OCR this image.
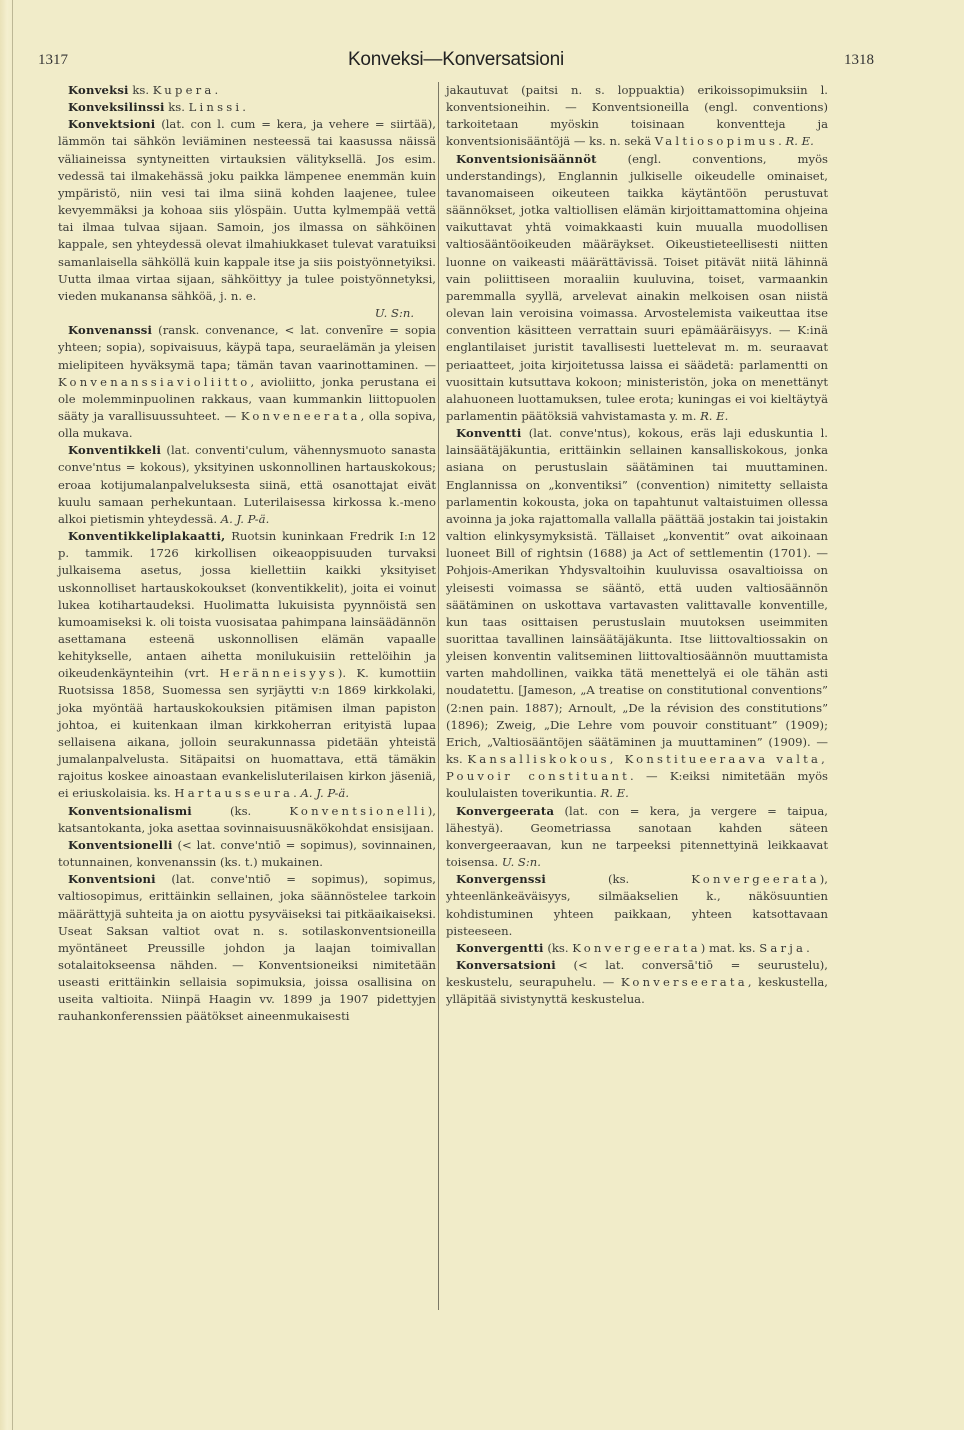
1317	Konveksi—Konversatsioni	1318

Konveksi ks. Kupera.

Konveksilinssi ks. Linssi.

Konvektsioni (lat. con l. cum = kera, ja vehere = siirtää), lämmön tai sähkön leviäminen nesteessä tai kaasussa näissä väliaineissa syntyneitten virtauksien välityksellä. Jos esim. vedessä tai ilmakehässä joku paikka lämpenee enemmän kuin ympäristö, niin vesi tai ilma siinä kohden laajenee, tulee kevyemmäksi ja kohoaa siis ylöspäin. Uutta kylmempää vettä tai ilmaa tulvaa sijaan. Samoin, jos ilmassa on sähköinen kappale, sen yhteydessä olevat ilmahiukkaset tulevat varatuiksi samanlaisella sähköllä kuin kappale itse ja siis poistyönnetyiksi. Uutta ilmaa virtaa sijaan, sähköittyy ja tulee poistyönnetyksi, vieden mukanansa sähköä, j. n. e.

U. S:n.

Konvenanssi (ransk. convenance, < lat. convenīre = sopia yhteen; sopia), sopivaisuus, käypä tapa, seuraelämän ja yleisen mielipiteen hyväksymä tapa; tämän tavan vaarinottaminen. — Konvenanssiavioliitto, avioliitto, jonka perustana ei ole molemminpuolinen rakkaus, vaan kummankin liittopuolen sääty ja varallisuussuhteet. — Konveneerata, olla sopiva, olla mukava.

Konventikkeli (lat. conventi'culum, vähennysmuoto sanasta conve'ntus = kokous), yksityinen uskonnollinen hartauskokous; eroaa kotijumalanpalveluksesta siinä, että osanottajat eivät kuulu samaan perhekuntaan. Luterilaisessa kirkossa k.-meno alkoi pietismin yhteydessä. A. J. P-ä.

Konventikkeliplakaatti, Ruotsin kuninkaan Fredrik I:n 12 p. tammik. 1726 kirkollisen oikeaoppisuuden turvaksi julkaisema asetus, jossa kiellettiin kaikki yksityiset uskonnolliset hartauskokoukset (konventikkelit), joita ei voinut lukea kotihartaudeksi. Huolimatta lukuisista pyynnöistä sen kumoamiseksi k. oli toista vuosisataa pahimpana lainsäädännön asettamana esteenä uskonnollisen elämän vapaalle kehitykselle, antaen aihetta monilukuisiin rettelöihin ja oikeudenkäynteihin (vrt. Heränneisyys). K. kumottiin Ruotsissa 1858, Suomessa sen syrjäytti v:n 1869 kirkkolaki, joka myöntää hartauskokouksien pitämisen ilman papiston johtoa, ei kuitenkaan ilman kirkkoherran erityistä lupaa sellaisena aikana, jolloin seurakunnassa pidetään yhteistä jumalanpalvelusta. Sitäpaitsi on huomattava, että tämäkin rajoitus koskee ainoastaan evankelisluterilaisen kirkon jäseniä, ei eriuskolaisia. ks. Hartausseura. A. J. P-ä.

Konventsionalismi (ks. Konventsionelli), katsantokanta, joka asettaa sovinnaisuusnäkökohdat ensisijaan.

Konventsionelli (< lat. conve'ntiō = sopimus), sovinnainen, totunnainen, konvenanssin (ks. t.) mukainen.

Konventsioni (lat. conve'ntiō = sopimus), sopimus, valtiosopimus, erittäinkin sellainen, joka säännöstelee tarkoin määrättyjä suhteita ja on aiottu pysyväiseksi tai pitkäaikaiseksi. Useat Saksan valtiot ovat n. s. sotilaskonventsioneilla myöntäneet Preussille johdon ja laajan toimivallan sotalaitokseensa nähden. — Konventsioneiksi nimitetään useasti erittäinkin sellaisia sopimuksia, joissa osallisina on useita valtioita. Niinpä Haagin vv. 1899 ja 1907 pidettyjen rauhankonferenssien päätökset aineenmukaisesti

jakautuvat (paitsi n. s. loppuaktia) erikoissopimuksiin l. konventsioneihin. — Konventsioneilla (engl. conventions) tarkoitetaan myöskin toisinaan konventteja ja konventsionisääntöjä — ks. n. sekä Valtiosopimus. R. E.

Konventsionisäännöt (engl. conventions, myös understandings), Englannin julkiselle oikeudelle ominaiset, tavanomaiseen oikeuteen taikka käytäntöön perustuvat säännökset, jotka valtiollisen elämän kirjoittamattomina ohjeina vaikuttavat yhtä voimakkaasti kuin muualla muodollisen valtiosääntöoikeuden määräykset. Oikeustieteellisesti niitten luonne on vaikeasti määrättävissä. Toiset pitävät niitä lähinnä vain poliittiseen moraaliin kuuluvina, toiset, varmaankin paremmalla syyllä, arvelevat ainakin melkoisen osan niistä olevan lain veroisina voimassa. Arvostelemista vaikeuttaa itse convention käsitteen verrattain suuri epämääräisyys. — K:inä englantilaiset juristit tavallisesti luettelevat m. m. seuraavat periaatteet, joita kirjoitetussa laissa ei säädetä: parlamentti on vuosittain kutsuttava kokoon; ministeristön, joka on menettänyt alahuoneen luottamuksen, tulee erota; kuningas ei voi kieltäytyä parlamentin päätöksiä vahvistamasta y. m. R. E.

Konventti (lat. conve'ntus), kokous, eräs laji eduskuntia l. lainsäätäjäkuntia, erittäinkin sellainen kansalliskokous, jonka asiana on perustuslain säätäminen tai muuttaminen. Englannissa on „konventiksi” (convention) nimitetty sellaista parlamentin kokousta, joka on tapahtunut valtaistuimen ollessa avoinna ja joka rajattomalla vallalla päättää jostakin tai joistakin valtion elinkysymyksistä. Tällaiset „konventit” ovat aikoinaan luoneet Bill of rightsin (1688) ja Act of settlementin (1701). — Pohjois-Amerikan Yhdysvaltoihin kuuluvissa osavaltioissa on yleisesti voimassa se sääntö, että uuden valtiosäännön säätäminen on uskottava vartavasten valittavalle konventille, kun taas osittaisen perustuslain muutoksen useimmiten suorittaa tavallinen lainsäätäjäkunta. Itse liittovaltiossakin on yleisen konventin valitseminen liittovaltiosäännön muuttamista varten mahdollinen, vaikka tätä menettelyä ei ole tähän asti noudatettu. [Jameson, „A treatise on constitutional conventions” (2:nen pain. 1887); Arnoult, „De la révision des constitutions” (1896); Zweig, „Die Lehre vom pouvoir constituant” (1909); Erich, „Valtiosääntöjen säätäminen ja muuttaminen” (1909). — ks. Kansalliskokous, Konstitueeraava valta, Pouvoir constituant. — K:eiksi nimitetään myös koululaisten toverikuntia. R. E.

Konvergeerata (lat. con = kera, ja vergere = taipua, lähestyä). Geometriassa sanotaan kahden säteen konvergeeraavan, kun ne tarpeeksi pitennettyinä leikkaavat toisensa. U. S:n.

Konvergenssi (ks. Konvergeerata), yhteenlänkeäväisyys, silmäakselien k., näkösuuntien kohdistuminen yhteen paikkaan, yhteen katsottavaan pisteeseen.

Konvergentti (ks. Konvergeerata) mat. ks. Sarja.

Konversatsioni (< lat. conversā'tiō = seurustelu), keskustelu, seurapuhelu. — Konverseerata, keskustella, ylläpitää sivistynyttä keskustelua.
